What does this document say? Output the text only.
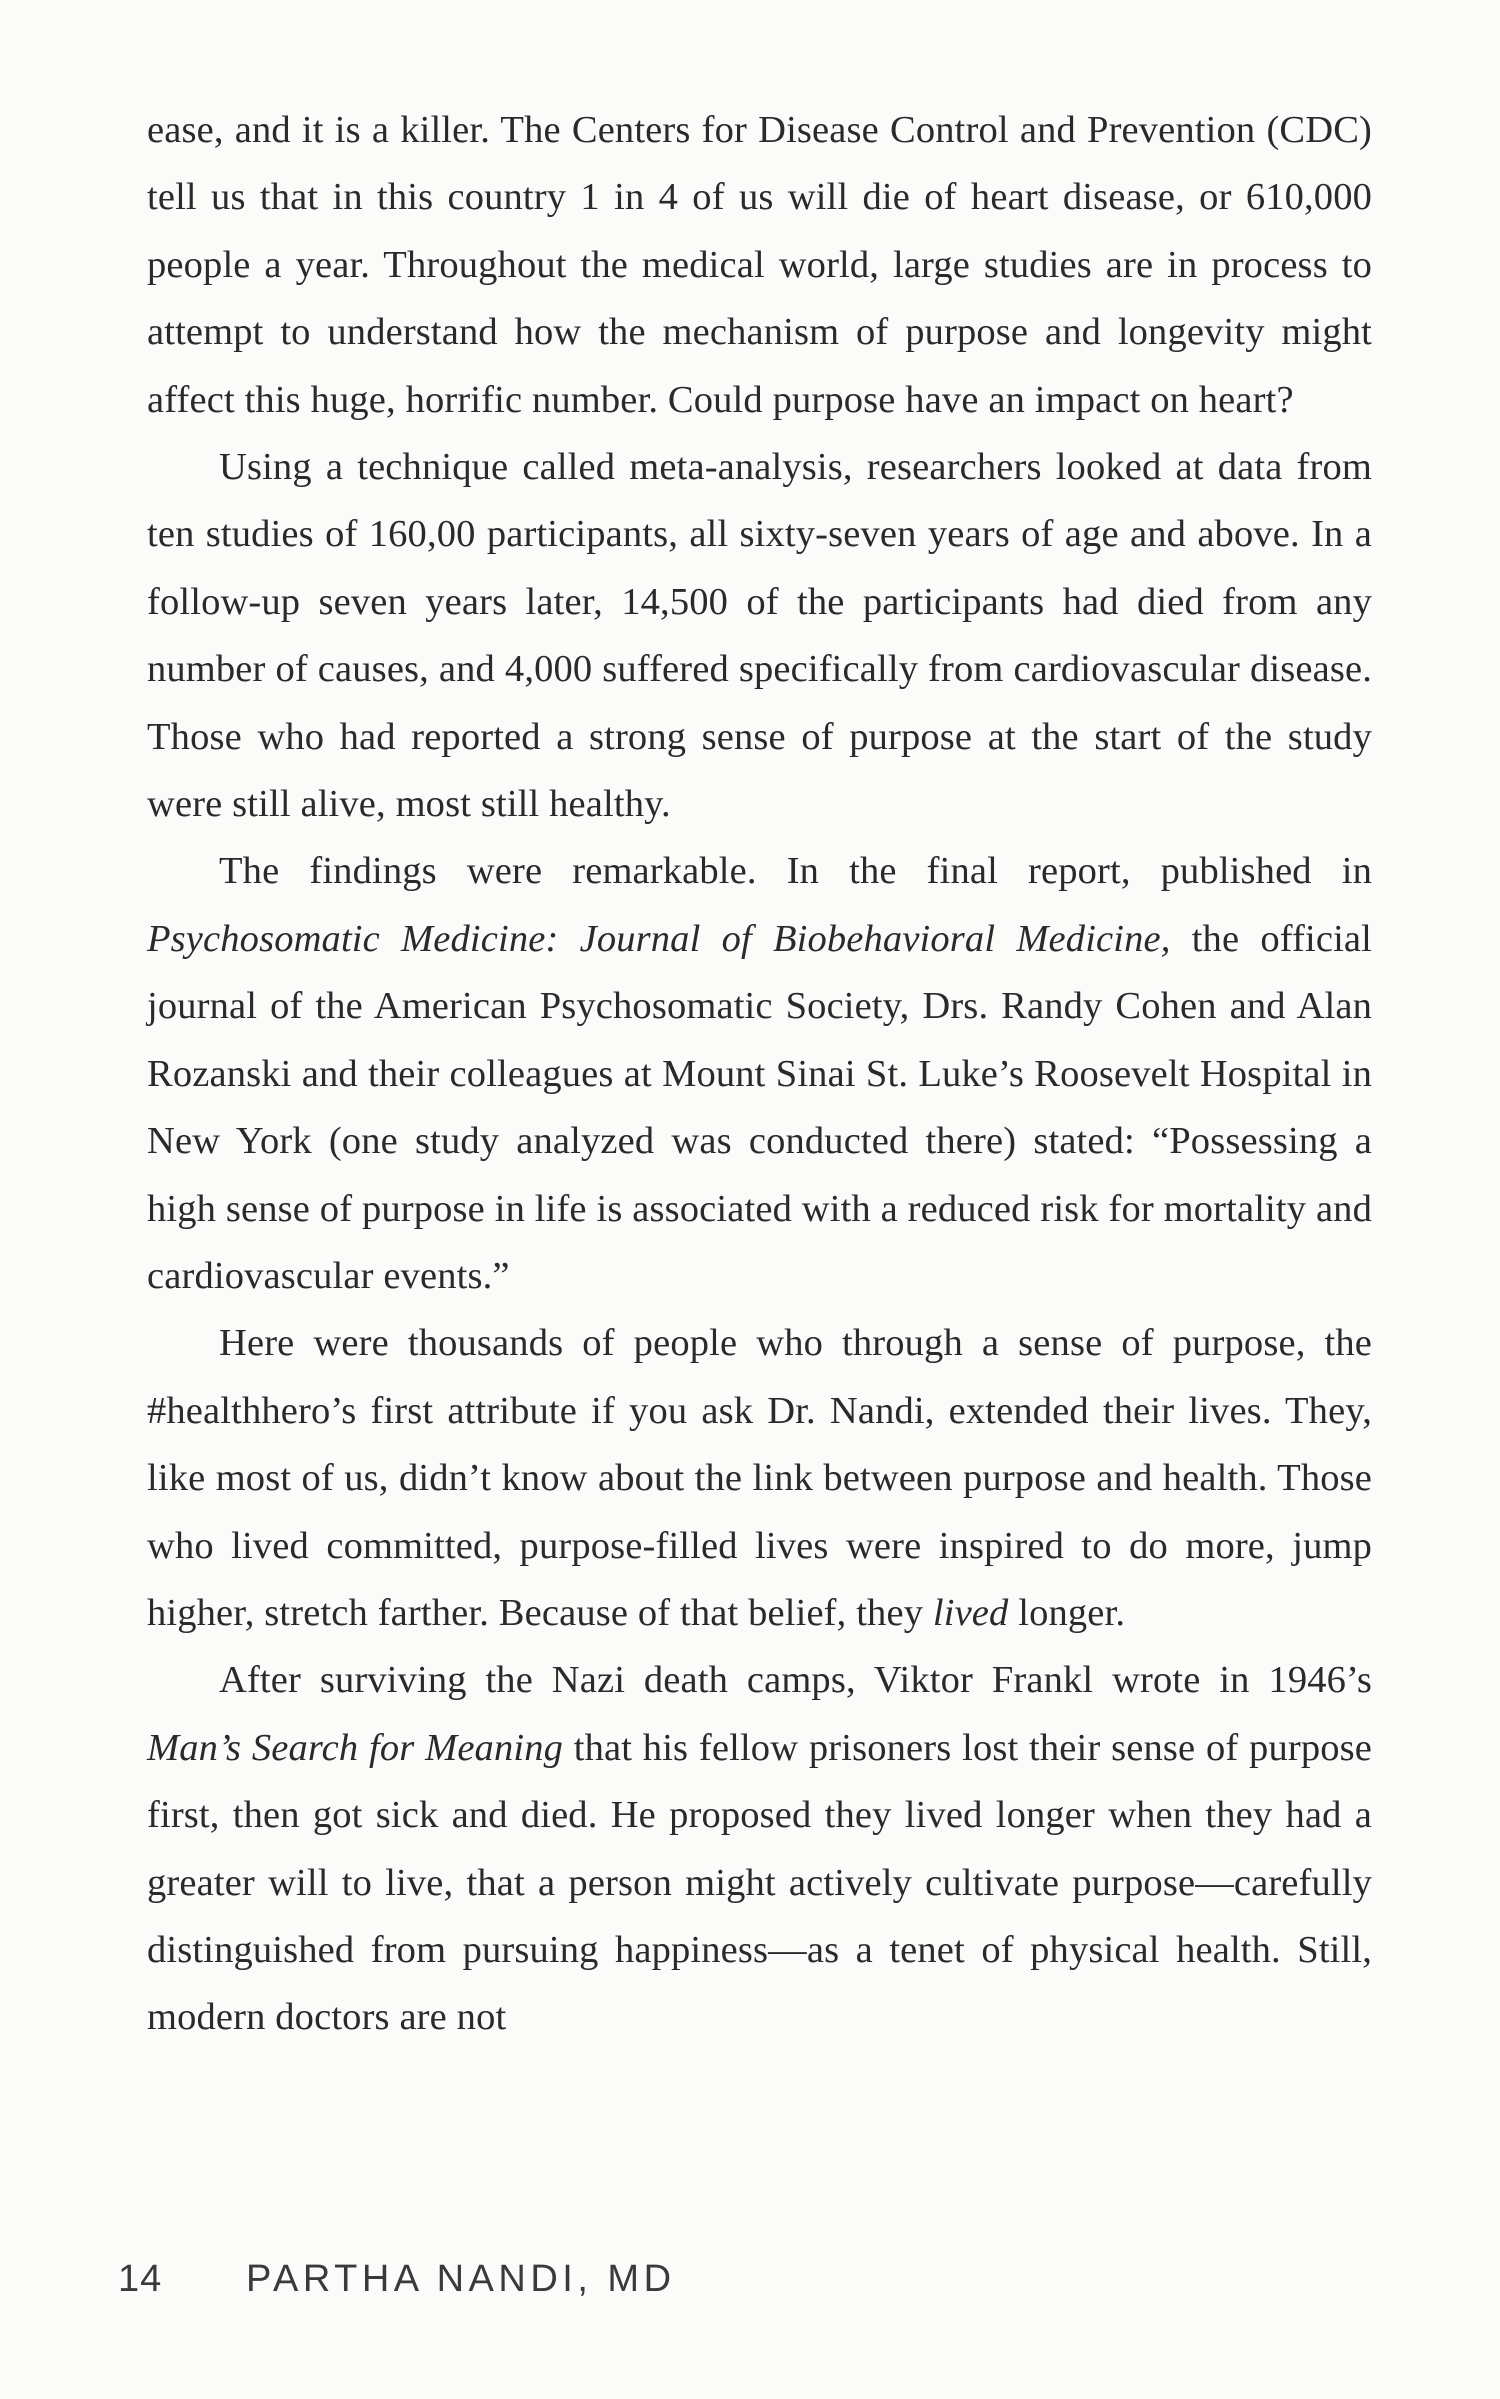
ease, and it is a killer. The Centers for Disease Control and Prevention (CDC) tell us that in this country 1 in 4 of us will die of heart disease, or 610,000 people a year. Throughout the medical world, large studies are in process to attempt to understand how the mechanism of purpose and longevity might affect this huge, horrific number. Could purpose have an impact on heart?

Using a technique called meta-analysis, researchers looked at data from ten studies of 160,00 participants, all sixty-seven years of age and above. In a follow-up seven years later, 14,500 of the participants had died from any number of causes, and 4,000 suffered specifically from cardiovascular disease. Those who had reported a strong sense of purpose at the start of the study were still alive, most still healthy.

The findings were remarkable. In the final report, published in Psychosomatic Medicine: Journal of Biobehavioral Medicine, the official journal of the American Psychosomatic Society, Drs. Randy Cohen and Alan Rozanski and their colleagues at Mount Sinai St. Luke’s Roosevelt Hospital in New York (one study analyzed was conducted there) stated: “Possessing a high sense of purpose in life is associated with a reduced risk for mortality and cardiovascular events.”

Here were thousands of people who through a sense of purpose, the #healthhero’s first attribute if you ask Dr. Nandi, extended their lives. They, like most of us, didn’t know about the link between purpose and health. Those who lived committed, purpose-filled lives were inspired to do more, jump higher, stretch farther. Because of that belief, they lived longer.

After surviving the Nazi death camps, Viktor Frankl wrote in 1946’s Man’s Search for Meaning that his fellow prisoners lost their sense of purpose first, then got sick and died. He proposed they lived longer when they had a greater will to live, that a person might actively cultivate purpose—carefully distinguished from pursuing happiness—as a tenet of physical health. Still, modern doctors are not

14	PARTHA NANDI, MD
